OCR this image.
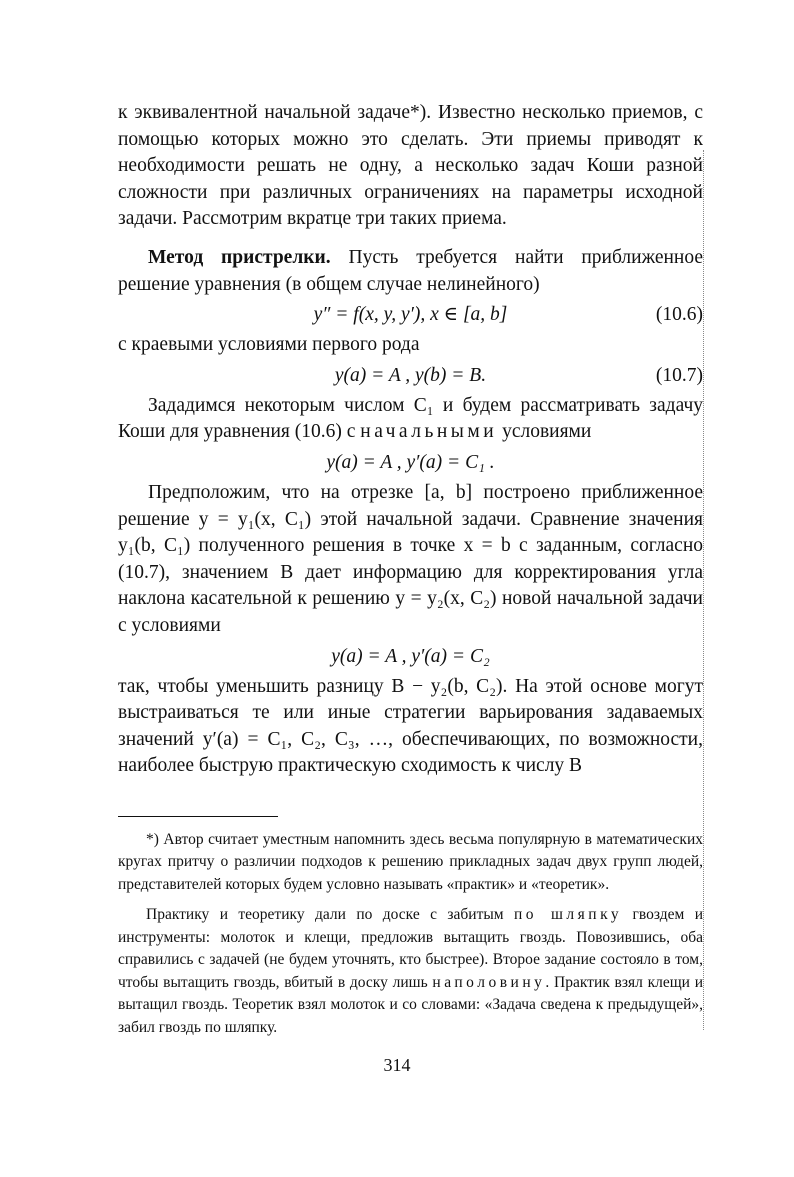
к эквивалентной начальной задаче*). Известно несколько приемов, с помощью которых можно это сделать. Эти приемы приводят к необходимости решать не одну, а несколько задач Коши разной сложности при различных ограничениях на параметры исходной задачи. Рассмотрим вкратце три таких приема.

Метод пристрелки. Пусть требуется найти приближенное решение уравнения (в общем случае нелинейного)

y″ = f(x, y, y′), x ∈ [a, b]	(10.6)

с краевыми условиями первого рода

y(a) = A , y(b) = B.	(10.7)

Зададимся некоторым числом C₁ и будем рассматривать задачу Коши для уравнения (10.6) с начальными условиями

y(a) = A , y′(a) = C₁ .

Предположим, что на отрезке [a, b] построено приближенное решение y = y₁(x, C₁) этой начальной задачи. Сравнение значения y₁(b, C₁) полученного решения в точке x = b с заданным, согласно (10.7), значением B дает информацию для корректирования угла наклона касательной к решению y = y₂(x, C₂) новой начальной задачи с условиями

y(a) = A , y′(a) = C₂

так, чтобы уменьшить разницу B − y₂(b, C₂). На этой основе могут выстраиваться те или иные стратегии варьирования задаваемых значений y′(a) = C₁, C₂, C₃, …, обеспечивающих, по возможности, наиболее быструю практическую сходимость к числу B

*) Автор считает уместным напомнить здесь весьма популярную в математических кругах притчу о различии подходов к решению прикладных задач двух групп людей, представителей которых будем условно называть «практик» и «теоретик».

Практику и теоретику дали по доске с забитым по шляпку гвоздем и инструменты: молоток и клещи, предложив вытащить гвоздь. Повозившись, оба справились с задачей (не будем уточнять, кто быстрее). Второе задание состояло в том, чтобы вытащить гвоздь, вбитый в доску лишь наполовину. Практик взял клещи и вытащил гвоздь. Теоретик взял молоток и со словами: «Задача сведена к предыдущей», забил гвоздь по шляпку.

314
